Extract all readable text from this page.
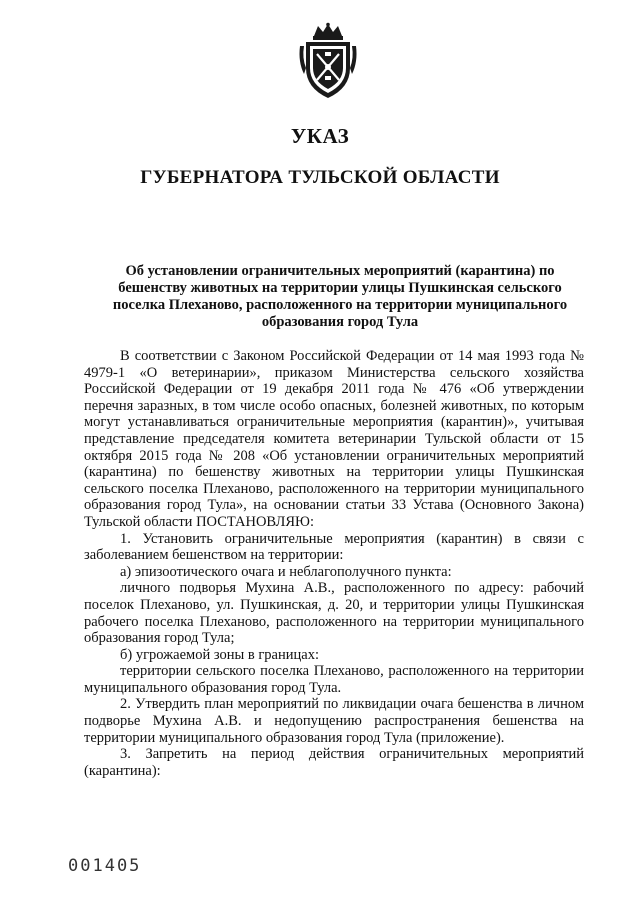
УКАЗ
ГУБЕРНАТОРА ТУЛЬСКОЙ ОБЛАСТИ
Об установлении ограничительных мероприятий (карантина) по бешенству животных на территории улицы Пушкинская сельского поселка Плеханово, расположенного на территории муниципального образования город Тула

В соответствии с Законом Российской Федерации от 14 мая 1993 года № 4979-1 «О ветеринарии», приказом Министерства сельского хозяйства Российской Федерации от 19 декабря 2011 года № 476 «Об утверждении перечня заразных, в том числе особо опасных, болезней животных, по которым могут устанавливаться ограничительные мероприятия (карантин)», учитывая представление председателя комитета ветеринарии Тульской области от 15 октября 2015 года № 208 «Об установлении ограничительных мероприятий (карантина) по бешенству животных на территории улицы Пушкинская сельского поселка Плеханово, расположенного на территории муниципального образования город Тула», на основании статьи 33 Устава (Основного Закона) Тульской области ПОСТАНОВЛЯЮ:

1. Установить ограничительные мероприятия (карантин) в связи с заболеванием бешенством на территории:

а) эпизоотического очага и неблагополучного пункта:

личного подворья Мухина А.В., расположенного по адресу: рабочий поселок Плеханово, ул. Пушкинская, д. 20, и территории улицы Пушкинская рабочего поселка Плеханово, расположенного на территории муниципального образования город Тула;

б) угрожаемой зоны в границах:

территории сельского поселка Плеханово, расположенного на территории муниципального образования город Тула.

2. Утвердить план мероприятий по ликвидации очага бешенства в личном подворье Мухина А.В. и недопущению распространения бешенства на территории муниципального образования город Тула (приложение).

3. Запретить на период действия ограничительных мероприятий (карантина):

001405
